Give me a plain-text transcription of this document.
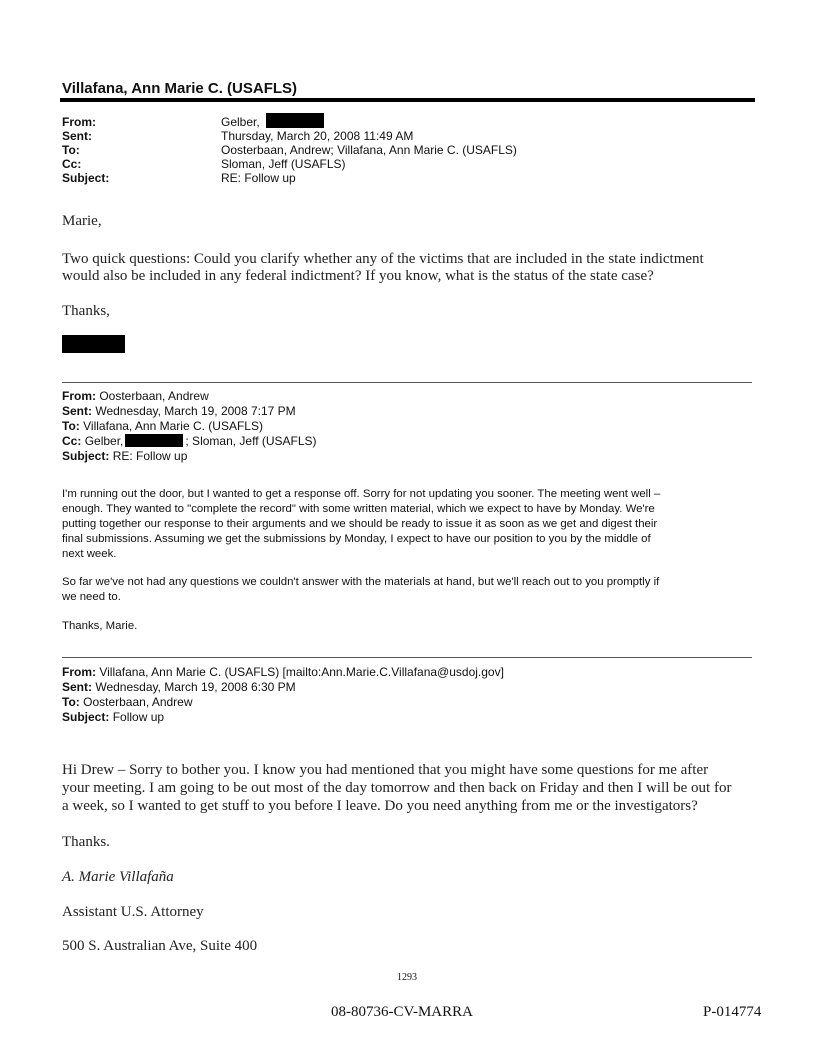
Villafana, Ann Marie C. (USAFLS)
From:
Sent:
To:
Cc:
Subject:
Gelber,
Thursday, March 20, 2008 11:49 AM
Oosterbaan, Andrew; Villafana, Ann Marie C. (USAFLS)
Sloman, Jeff (USAFLS)
RE: Follow up
Marie,
Two quick questions: Could you clarify whether any of the victims that are included in the state indictment
would also be included in any federal indictment? If you know, what is the status of the state case?
Thanks,
From: Oosterbaan, Andrew
Sent: Wednesday, March 19, 2008 7:17 PM
To: Villafana, Ann Marie C. (USAFLS)
Cc: Gelber,	; Sloman, Jeff (USAFLS)
Subject: RE: Follow up
I'm running out the door, but I wanted to get a response off. Sorry for not updating you sooner. The meeting went well –
enough. They wanted to "complete the record" with some written material, which we expect to have by Monday. We're
putting together our response to their arguments and we should be ready to issue it as soon as we get and digest their
final submissions. Assuming we get the submissions by Monday, I expect to have our position to you by the middle of
next week.
So far we've not had any questions we couldn't answer with the materials at hand, but we'll reach out to you promptly if
we need to.
Thanks, Marie.
From: Villafana, Ann Marie C. (USAFLS) [mailto:Ann.Marie.C.Villafana@usdoj.gov]
Sent: Wednesday, March 19, 2008 6:30 PM
To: Oosterbaan, Andrew
Subject: Follow up
Hi Drew – Sorry to bother you. I know you had mentioned that you might have some questions for me after
your meeting. I am going to be out most of the day tomorrow and then back on Friday and then I will be out for
a week, so I wanted to get stuff to you before I leave. Do you need anything from me or the investigators?
Thanks.
A. Marie Villafaña
Assistant U.S. Attorney
500 S. Australian Ave, Suite 400
1293
08-80736-CV-MARRA	P-014774
